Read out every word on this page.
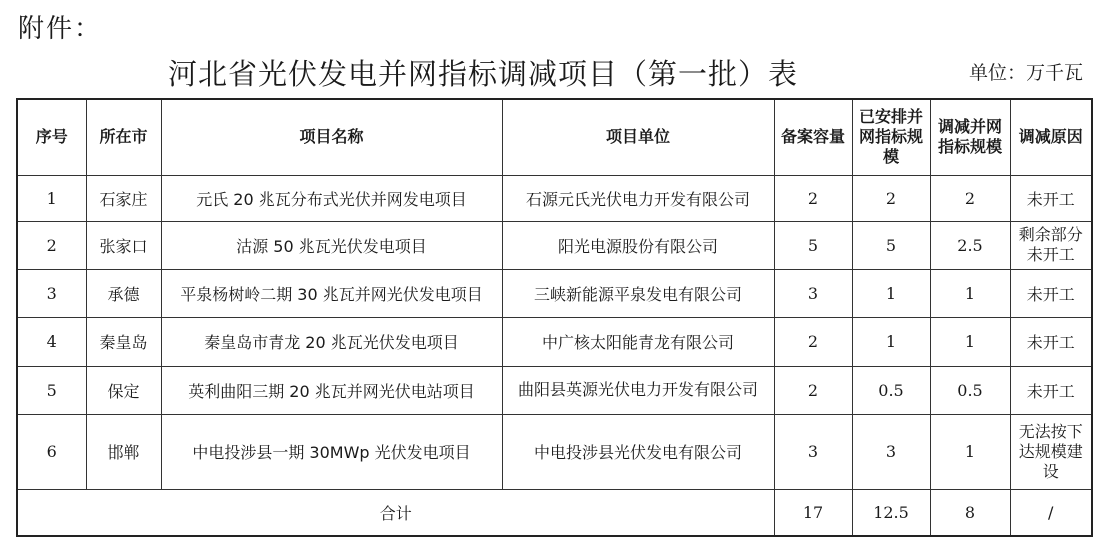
附件：
河北省光伏发电并网指标调减项目（第一批）表	单位：万千瓦
序号	所在市	项目名称	项目单位	备案容量	已安排并网指标规模	调减并网指标规模	调减原因
1	石家庄	元氏 20 兆瓦分布式光伏并网发电项目	石源元氏光伏电力开发有限公司	2	2	2	未开工
2	张家口	沽源 50 兆瓦光伏发电项目	阳光电源股份有限公司	5	5	2.5	剩余部分未开工
3	承德	平泉杨树岭二期 30 兆瓦并网光伏发电项目	三峡新能源平泉发电有限公司	3	1	1	未开工
4	秦皇岛	秦皇岛市青龙 20 兆瓦光伏发电项目	中广核太阳能青龙有限公司	2	1	1	未开工
5	保定	英利曲阳三期 20 兆瓦并网光伏电站项目	曲阳县英源光伏电力开发有限公司	2	0.5	0.5	未开工
6	邯郸	中电投涉县一期 30MWp 光伏发电项目	中电投涉县光伏发电有限公司	3	3	1	无法按下达规模建设
合计				17	12.5	8	/
